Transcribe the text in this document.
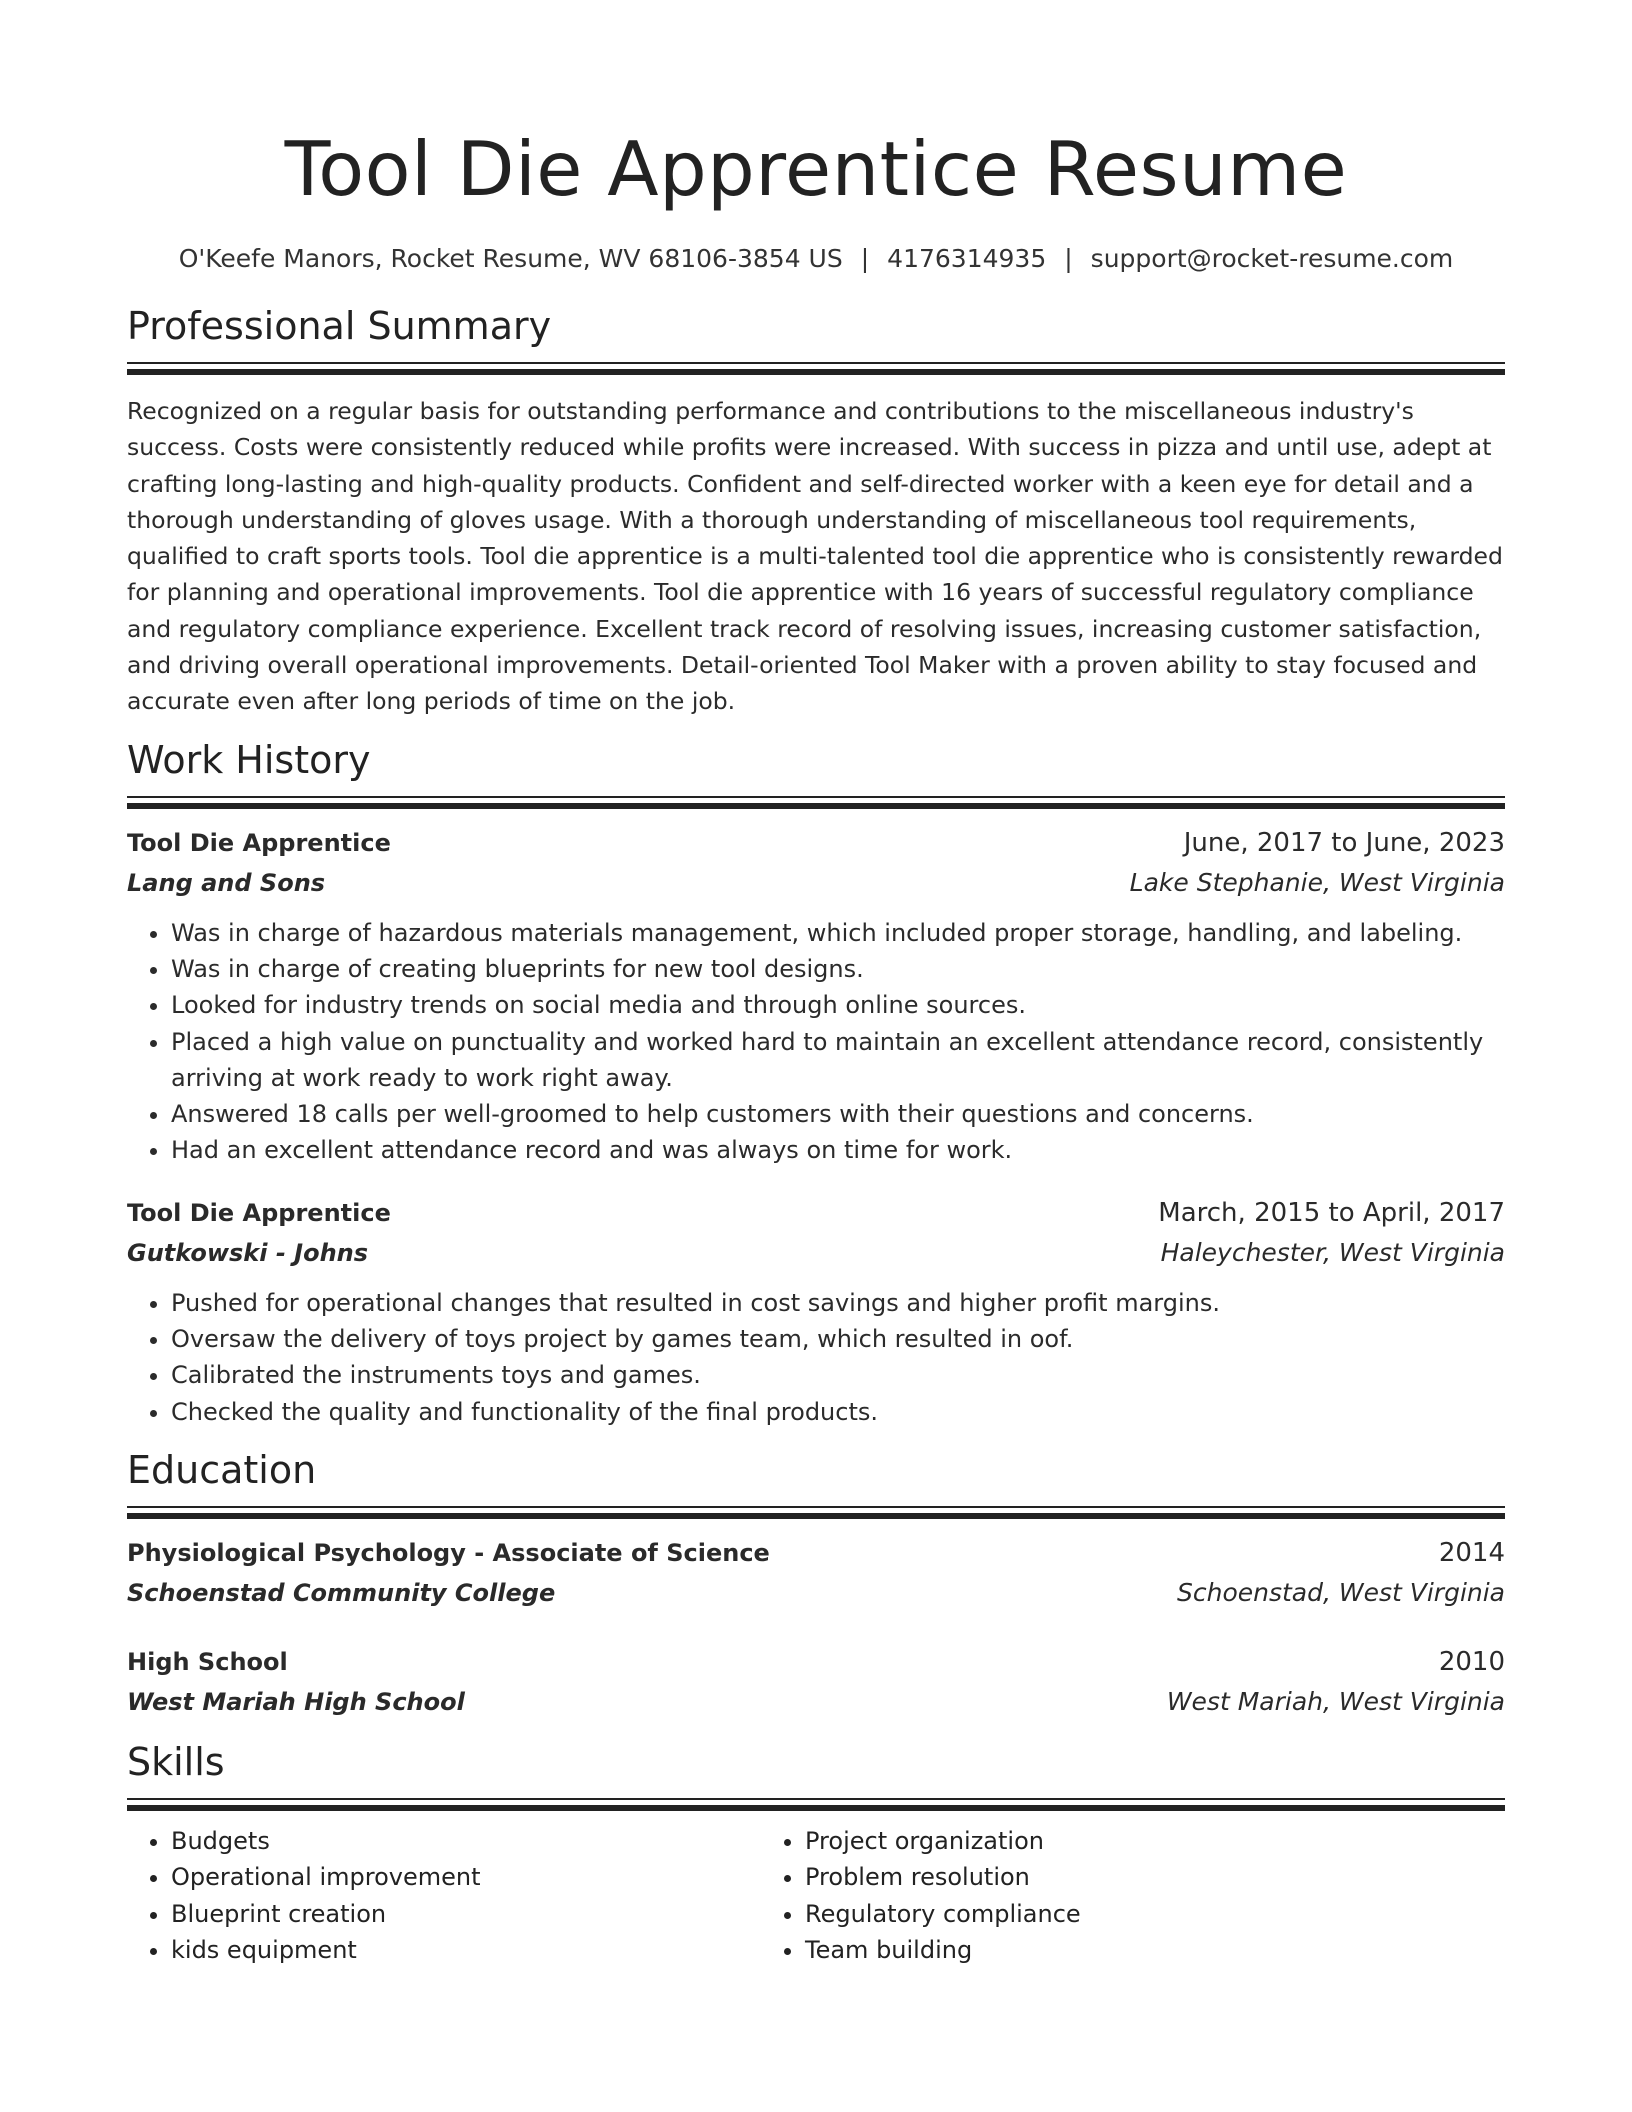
Tool Die Apprentice Resume
O'Keefe Manors, Rocket Resume, WV 68106-3854 US | 4176314935 | support@rocket-resume.com
Professional Summary
Recognized on a regular basis for outstanding performance and contributions to the miscellaneous industry's success. Costs were consistently reduced while profits were increased. With success in pizza and until use, adept at crafting long-lasting and high-quality products. Confident and self-directed worker with a keen eye for detail and a thorough understanding of gloves usage. With a thorough understanding of miscellaneous tool requirements, qualified to craft sports tools. Tool die apprentice is a multi-talented tool die apprentice who is consistently rewarded for planning and operational improvements. Tool die apprentice with 16 years of successful regulatory compliance and regulatory compliance experience. Excellent track record of resolving issues, increasing customer satisfaction, and driving overall operational improvements. Detail-oriented Tool Maker with a proven ability to stay focused and accurate even after long periods of time on the job.
Work History
Tool Die Apprentice	June, 2017 to June, 2023
Lang and Sons	Lake Stephanie, West Virginia
• Was in charge of hazardous materials management, which included proper storage, handling, and labeling.
• Was in charge of creating blueprints for new tool designs.
• Looked for industry trends on social media and through online sources.
• Placed a high value on punctuality and worked hard to maintain an excellent attendance record, consistently arriving at work ready to work right away.
• Answered 18 calls per well-groomed to help customers with their questions and concerns.
• Had an excellent attendance record and was always on time for work.
Tool Die Apprentice	March, 2015 to April, 2017
Gutkowski - Johns	Haleychester, West Virginia
• Pushed for operational changes that resulted in cost savings and higher profit margins.
• Oversaw the delivery of toys project by games team, which resulted in oof.
• Calibrated the instruments toys and games.
• Checked the quality and functionality of the final products.
Education
Physiological Psychology - Associate of Science	2014
Schoenstad Community College	Schoenstad, West Virginia
High School	2010
West Mariah High School	West Mariah, West Virginia
Skills
• Budgets
• Operational improvement
• Blueprint creation
• kids equipment
• Project organization
• Problem resolution
• Regulatory compliance
• Team building
